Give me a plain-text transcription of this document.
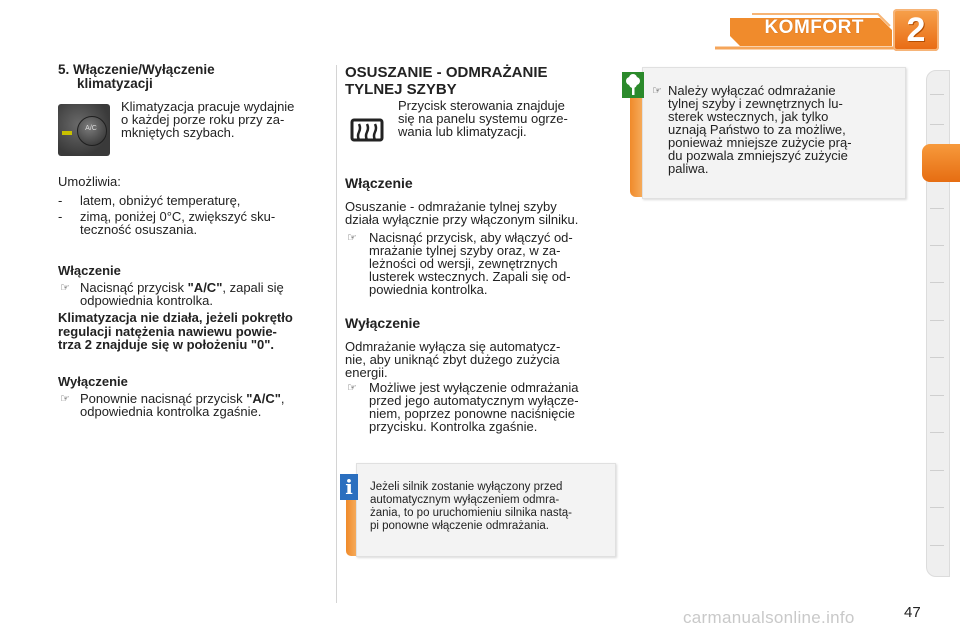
KOMFORT	2
5. Włączenie/Wyłączenie
klimatyzacji
A/C
Klimatyzacja pracuje wydajnie
o każdej porze roku przy za-
mkniętych szybach.
Umożliwia:
- latem, obniżyć temperaturę,
- zimą, poniżej 0°C, zwiększyć sku-
teczność osuszania.
Włączenie
☞ Nacisnąć przycisk "A/C", zapali się
odpowiednia kontrolka.
Klimatyzacja nie działa, jeżeli pokrętło
regulacji natężenia nawiewu powie-
trza 2 znajduje się w położeniu "0".
Wyłączenie
☞ Ponownie nacisnąć przycisk "A/C",
odpowiednia kontrolka zgaśnie.
OSUSZANIE - ODMRAŻANIE
TYLNEJ SZYBY
Przycisk sterowania znajduje
się na panelu systemu ogrze-
wania lub klimatyzacji.
Włączenie
Osuszanie - odmrażanie tylnej szyby
działa wyłącznie przy włączonym silniku.
☞ Nacisnąć przycisk, aby włączyć od-
mrażanie tylnej szyby oraz, w za-
leżności od wersji, zewnętrznych
lusterek wstecznych. Zapali się od-
powiednia kontrolka.
Wyłączenie
Odmrażanie wyłącza się automatycz-
nie, aby uniknąć zbyt dużego zużycia
energii.
☞ Możliwe jest wyłączenie odmrażania
przed jego automatycznym wyłącze-
niem, poprzez ponowne naciśnięcie
przycisku. Kontrolka zgaśnie.
i	Jeżeli silnik zostanie wyłączony przed
automatycznym wyłączeniem odmra-
żania, to po uruchomieniu silnika nastą-
pi ponowne włączenie odmrażania.
☞ Należy wyłączać odmrażanie
tylnej szyby i zewnętrznych lu-
sterek wstecznych, jak tylko
uznają Państwo to za możliwe,
ponieważ mniejsze zużycie prą-
du pozwala zmniejszyć zużycie
paliwa.
carmanualsonline.info	47
